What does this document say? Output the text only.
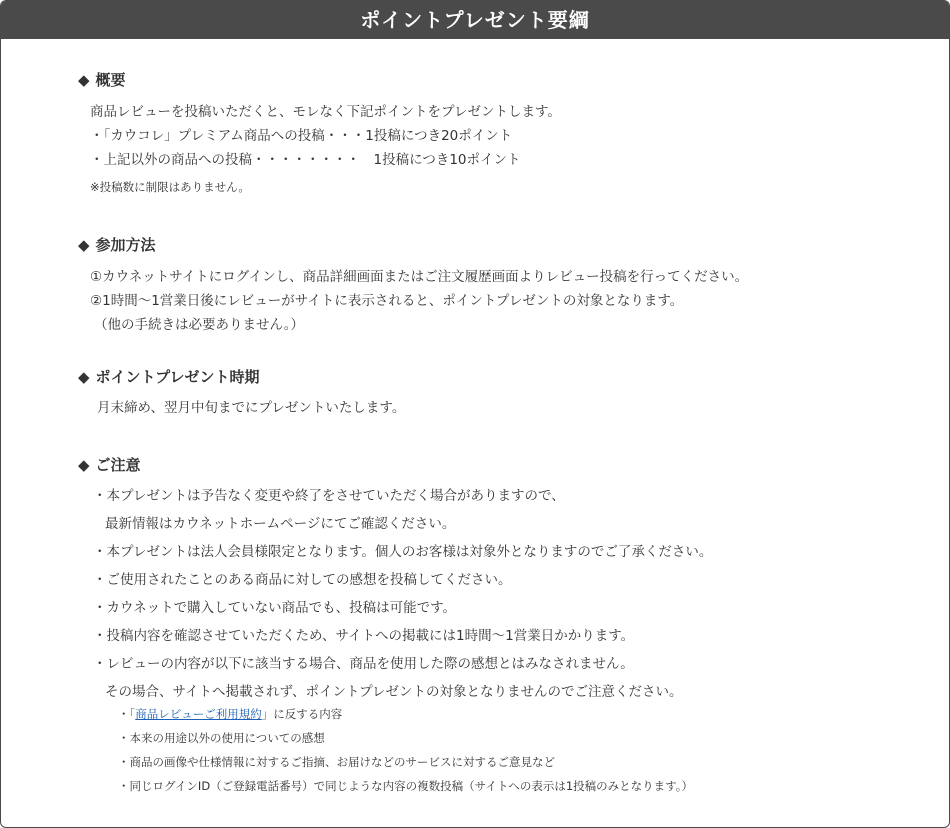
ポイントプレゼント要綱
◆ 概要
商品レビューを投稿いただくと、モレなく下記ポイントをプレゼントします。
・「カウコレ」プレミアム商品への投稿・・・1投稿につき20ポイント
・上記以外の商品への投稿・・・・・・・・　1投稿につき10ポイント
※投稿数に制限はありません。
◆ 参加方法
①カウネットサイトにログインし、商品詳細画面またはご注文履歴画面よりレビュー投稿を行ってください。
②1時間～1営業日後にレビューがサイトに表示されると、ポイントプレゼントの対象となります。
（他の手続きは必要ありません。）
◆ ポイントプレゼント時期
月末締め、翌月中旬までにプレゼントいたします。
◆ ご注意
・本プレゼントは予告なく変更や終了をさせていただく場合がありますので、
最新情報はカウネットホームページにてご確認ください。
・本プレゼントは法人会員様限定となります。個人のお客様は対象外となりますのでご了承ください。
・ご使用されたことのある商品に対しての感想を投稿してください。
・カウネットで購入していない商品でも、投稿は可能です。
・投稿内容を確認させていただくため、サイトへの掲載には1時間～1営業日かかります。
・レビューの内容が以下に該当する場合、商品を使用した際の感想とはみなされません。
その場合、サイトへ掲載されず、ポイントプレゼントの対象となりませんのでご注意ください。
・「商品レビューご利用規約」に反する内容
・本来の用途以外の使用についての感想
・商品の画像や仕様情報に対するご指摘、お届けなどのサービスに対するご意見など
・同じログインID（ご登録電話番号）で同じような内容の複数投稿（サイトへの表示は1投稿のみとなります。）
